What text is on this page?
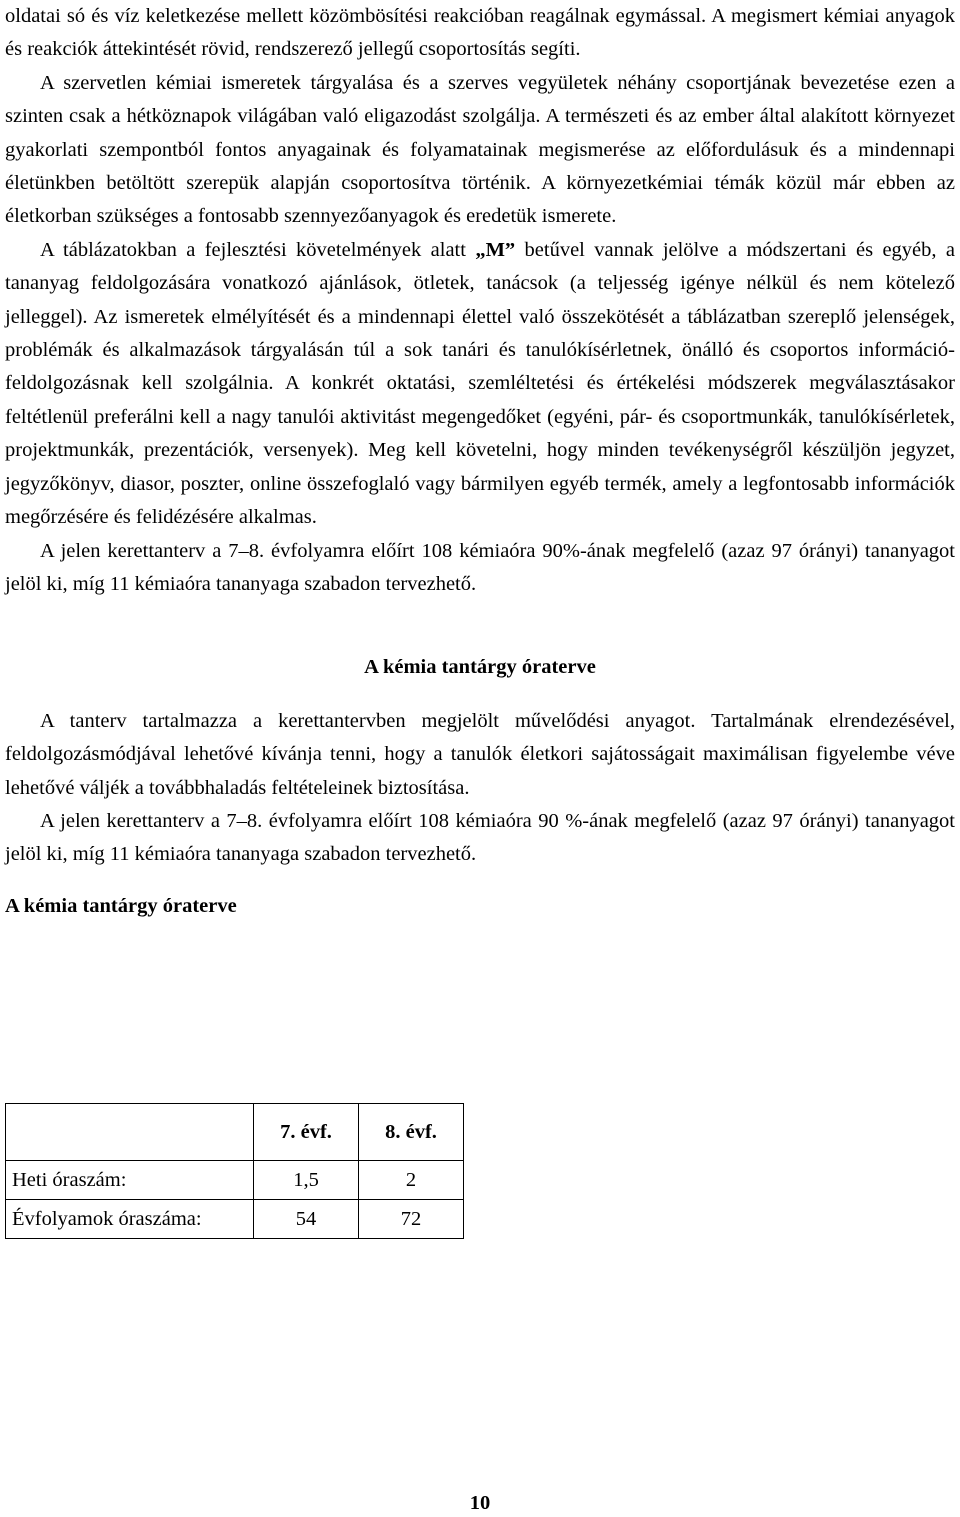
oldatai só és víz keletkezése mellett közömbösítési reakcióban reagálnak egymással. A megismert kémiai anyagok és reakciók áttekintését rövid, rendszerező jellegű csoportosítás segíti.

A szervetlen kémiai ismeretek tárgyalása és a szerves vegyületek néhány csoportjának bevezetése ezen a szinten csak a hétköznapok világában való eligazodást szolgálja. A természeti és az ember által alakított környezet gyakorlati szempontból fontos anyagainak és folyamatainak megismerése az előfordulásuk és a mindennapi életünkben betöltött szerepük alapján csoportosítva történik. A környezetkémiai témák közül már ebben az életkorban szükséges a fontosabb szennyezőanyagok és eredetük ismerete.

A táblázatokban a fejlesztési követelmények alatt „M” betűvel vannak jelölve a módszertani és egyéb, a tananyag feldolgozására vonatkozó ajánlások, ötletek, tanácsok (a teljesség igénye nélkül és nem kötelező jelleggel). Az ismeretek elmélyítését és a mindennapi élettel való összekötését a táblázatban szereplő jelenségek, problémák és alkalmazások tárgyalásán túl a sok tanári és tanulókísérletnek, önálló és csoportos információ-feldolgozásnak kell szolgálnia. A konkrét oktatási, szemléltetési és értékelési módszerek megválasztásakor feltétlenül preferálni kell a nagy tanulói aktivitást megengedőket (egyéni, pár- és csoportmunkák, tanulókísérletek, projektmunkák, prezentációk, versenyek). Meg kell követelni, hogy minden tevékenységről készüljön jegyzet, jegyzőkönyv, diasor, poszter, online összefoglaló vagy bármilyen egyéb termék, amely a legfontosabb információk megőrzésére és felidézésére alkalmas.

A jelen kerettanterv a 7–8. évfolyamra előírt 108 kémiaóra 90%-ának megfelelő (azaz 97 órányi) tananyagot jelöl ki, míg 11 kémiaóra tananyaga szabadon tervezhető.

A kémia tantárgy óraterve

A tanterv tartalmazza a kerettantervben megjelölt művelődési anyagot. Tartalmának elrendezésével, feldolgozásmódjával lehetővé kívánja tenni, hogy a tanulók életkori sajátosságait maximálisan figyelembe véve lehetővé váljék a továbbhaladás feltételeinek biztosítása.

A jelen kerettanterv a 7–8. évfolyamra előírt 108 kémiaóra 90 %-ának megfelelő (azaz 97 órányi) tananyagot jelöl ki, míg 11 kémiaóra tananyaga szabadon tervezhető.

A kémia tantárgy óraterve

	7. évf.	8. évf.
Heti óraszám:	1,5	2
Évfolyamok óraszáma:	54	72
10
